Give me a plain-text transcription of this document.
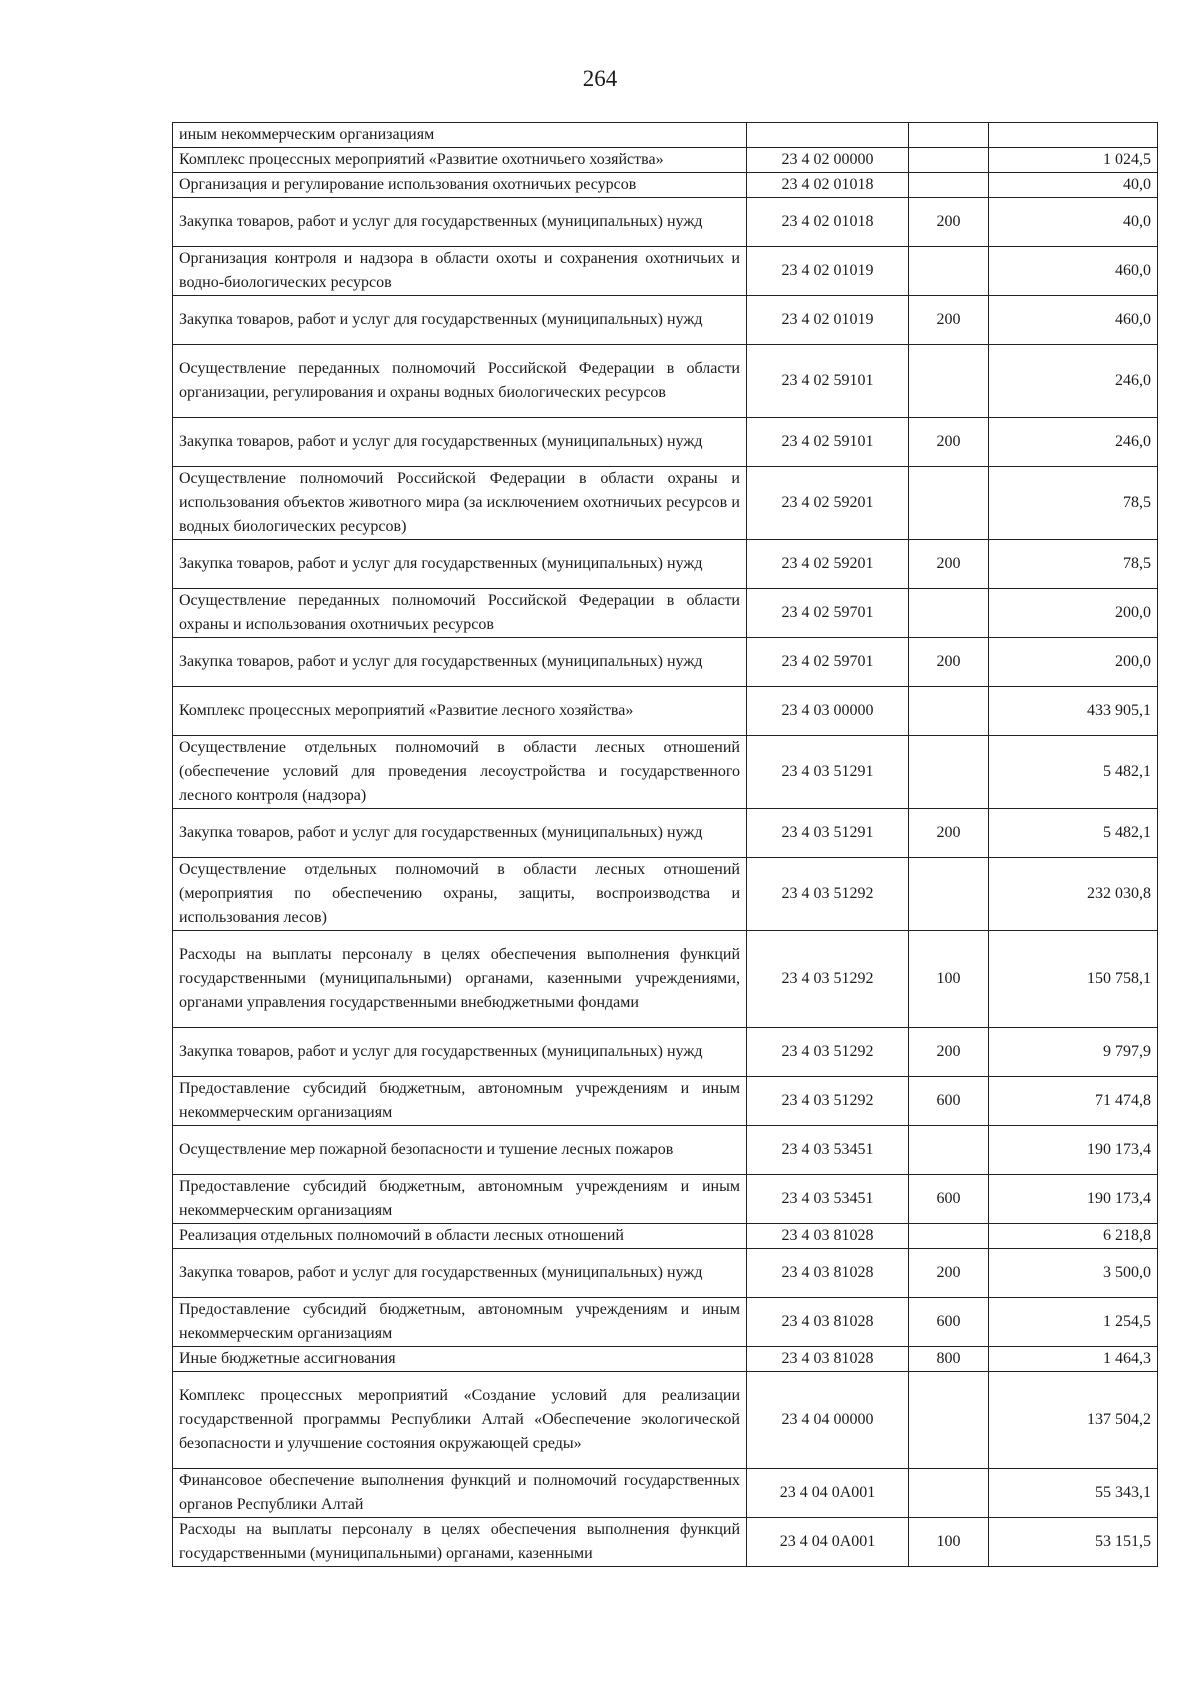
264
иным некоммерческим организациям			
Комплекс процессных мероприятий «Развитие охотничьего хозяйства»	23 4 02 00000		1 024,5
Организация и регулирование использования охотничьих ресурсов	23 4 02 01018		40,0
Закупка товаров, работ и услуг для государственных (муниципальных) нужд	23 4 02 01018	200	40,0
Организация контроля и надзора в области охоты и сохранения охотничьих и водно-биологических ресурсов	23 4 02 01019		460,0
Закупка товаров, работ и услуг для государственных (муниципальных) нужд	23 4 02 01019	200	460,0
Осуществление переданных полномочий Российской Федерации в области организации, регулирования и охраны водных биологических ресурсов	23 4 02 59101		246,0
Закупка товаров, работ и услуг для государственных (муниципальных) нужд	23 4 02 59101	200	246,0
Осуществление полномочий Российской Федерации в области охраны и использования объектов животного мира (за исключением охотничьих ресурсов и водных биологических ресурсов)	23 4 02 59201		78,5
Закупка товаров, работ и услуг для государственных (муниципальных) нужд	23 4 02 59201	200	78,5
Осуществление переданных полномочий Российской Федерации в области охраны и использования охотничьих ресурсов	23 4 02 59701		200,0
Закупка товаров, работ и услуг для государственных (муниципальных) нужд	23 4 02 59701	200	200,0
Комплекс процессных мероприятий «Развитие лесного хозяйства»	23 4 03 00000		433 905,1
Осуществление отдельных полномочий в области лесных отношений (обеспечение условий для проведения лесоустройства и государственного лесного контроля (надзора)	23 4 03 51291		5 482,1
Закупка товаров, работ и услуг для государственных (муниципальных) нужд	23 4 03 51291	200	5 482,1
Осуществление отдельных полномочий в области лесных отношений (мероприятия по обеспечению охраны, защиты, воспроизводства и использования лесов)	23 4 03 51292		232 030,8
Расходы на выплаты персоналу в целях обеспечения выполнения функций государственными (муниципальными) органами, казенными учреждениями, органами управления государственными внебюджетными фондами	23 4 03 51292	100	150 758,1
Закупка товаров, работ и услуг для государственных (муниципальных) нужд	23 4 03 51292	200	9 797,9
Предоставление субсидий бюджетным, автономным учреждениям и иным некоммерческим организациям	23 4 03 51292	600	71 474,8
Осуществление мер пожарной безопасности и тушение лесных пожаров	23 4 03 53451		190 173,4
Предоставление субсидий бюджетным, автономным учреждениям и иным некоммерческим организациям	23 4 03 53451	600	190 173,4
Реализация отдельных полномочий в области лесных отношений	23 4 03 81028		6 218,8
Закупка товаров, работ и услуг для государственных (муниципальных) нужд	23 4 03 81028	200	3 500,0
Предоставление субсидий бюджетным, автономным учреждениям и иным некоммерческим организациям	23 4 03 81028	600	1 254,5
Иные бюджетные ассигнования	23 4 03 81028	800	1 464,3
Комплекс процессных мероприятий «Создание условий для реализации государственной программы Республики Алтай «Обеспечение экологической безопасности и улучшение состояния окружающей среды»	23 4 04 00000		137 504,2
Финансовое обеспечение выполнения функций и полномочий государственных органов Республики Алтай	23 4 04 0А001		55 343,1
Расходы на выплаты персоналу в целях обеспечения выполнения функций государственными (муниципальными) органами, казенными	23 4 04 0А001	100	53 151,5
